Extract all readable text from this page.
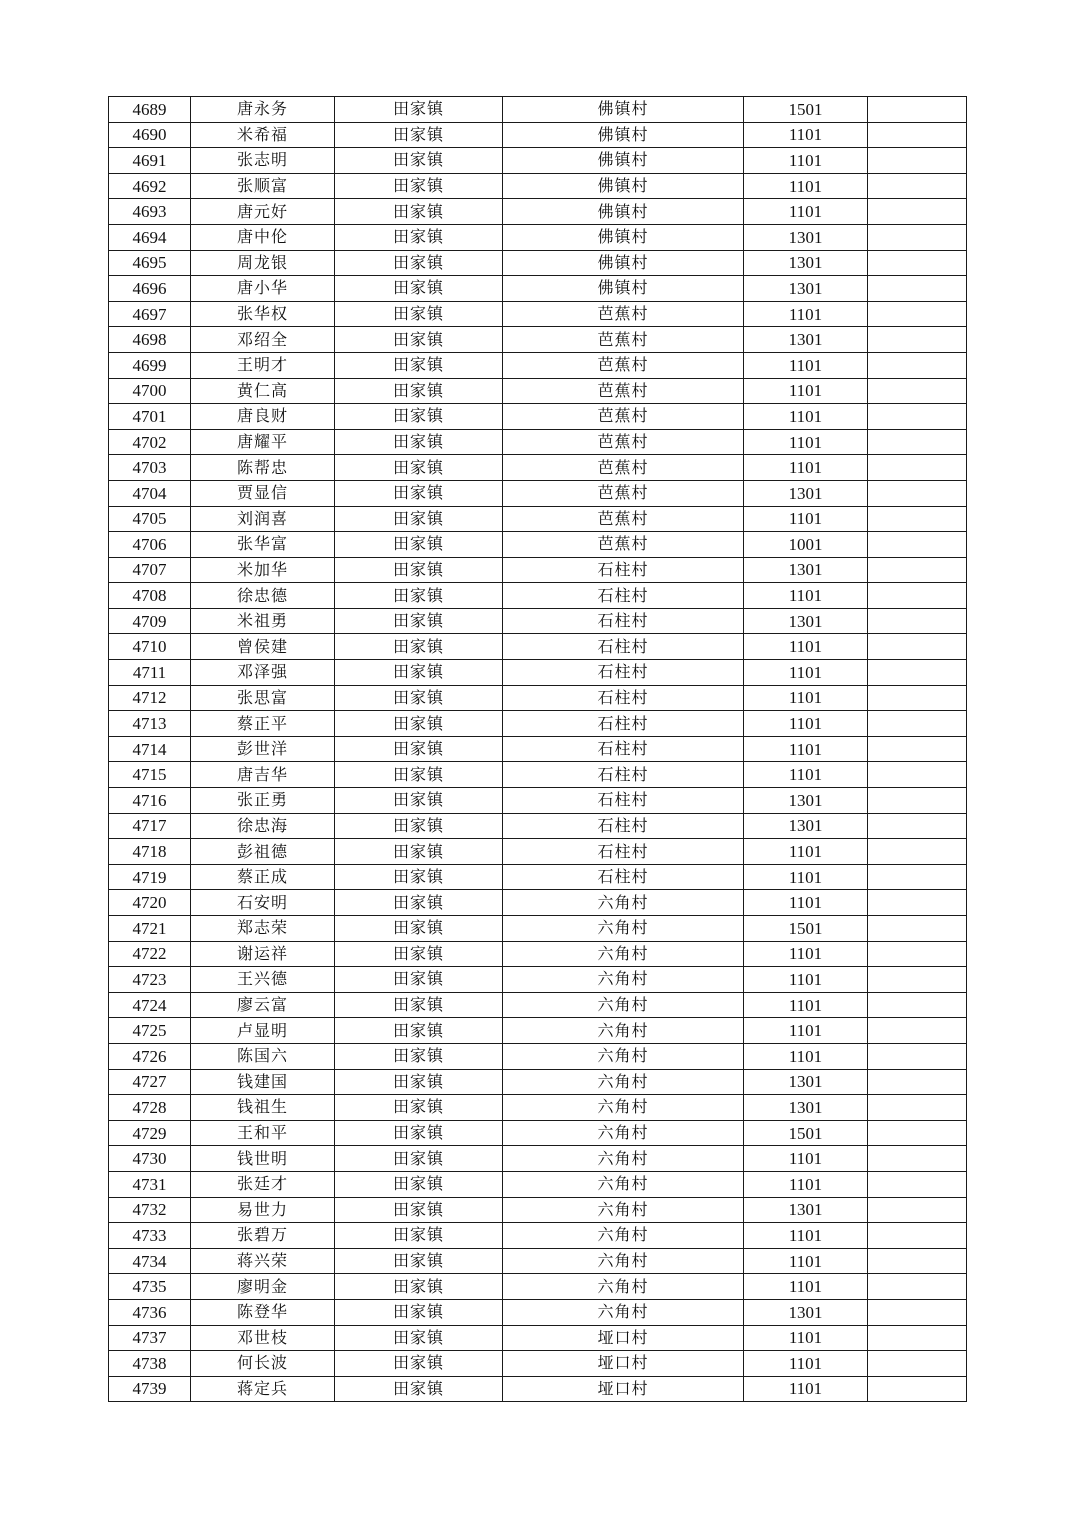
4689	唐永务	田家镇	佛镇村	1501	
4690	米希福	田家镇	佛镇村	1101	
4691	张志明	田家镇	佛镇村	1101	
4692	张顺富	田家镇	佛镇村	1101	
4693	唐元好	田家镇	佛镇村	1101	
4694	唐中伦	田家镇	佛镇村	1301	
4695	周龙银	田家镇	佛镇村	1301	
4696	唐小华	田家镇	佛镇村	1301	
4697	张华权	田家镇	芭蕉村	1101	
4698	邓绍全	田家镇	芭蕉村	1301	
4699	王明才	田家镇	芭蕉村	1101	
4700	黄仁高	田家镇	芭蕉村	1101	
4701	唐良财	田家镇	芭蕉村	1101	
4702	唐耀平	田家镇	芭蕉村	1101	
4703	陈帮忠	田家镇	芭蕉村	1101	
4704	贾显信	田家镇	芭蕉村	1301	
4705	刘润喜	田家镇	芭蕉村	1101	
4706	张华富	田家镇	芭蕉村	1001	
4707	米加华	田家镇	石柱村	1301	
4708	徐忠德	田家镇	石柱村	1101	
4709	米祖勇	田家镇	石柱村	1301	
4710	曾侯建	田家镇	石柱村	1101	
4711	邓泽强	田家镇	石柱村	1101	
4712	张思富	田家镇	石柱村	1101	
4713	蔡正平	田家镇	石柱村	1101	
4714	彭世洋	田家镇	石柱村	1101	
4715	唐吉华	田家镇	石柱村	1101	
4716	张正勇	田家镇	石柱村	1301	
4717	徐忠海	田家镇	石柱村	1301	
4718	彭祖德	田家镇	石柱村	1101	
4719	蔡正成	田家镇	石柱村	1101	
4720	石安明	田家镇	六角村	1101	
4721	郑志荣	田家镇	六角村	1501	
4722	谢运祥	田家镇	六角村	1101	
4723	王兴德	田家镇	六角村	1101	
4724	廖云富	田家镇	六角村	1101	
4725	卢显明	田家镇	六角村	1101	
4726	陈国六	田家镇	六角村	1101	
4727	钱建国	田家镇	六角村	1301	
4728	钱祖生	田家镇	六角村	1301	
4729	王和平	田家镇	六角村	1501	
4730	钱世明	田家镇	六角村	1101	
4731	张廷才	田家镇	六角村	1101	
4732	易世力	田家镇	六角村	1301	
4733	张碧万	田家镇	六角村	1101	
4734	蒋兴荣	田家镇	六角村	1101	
4735	廖明金	田家镇	六角村	1101	
4736	陈登华	田家镇	六角村	1301	
4737	邓世枝	田家镇	垭口村	1101	
4738	何长波	田家镇	垭口村	1101	
4739	蒋定兵	田家镇	垭口村	1101	
